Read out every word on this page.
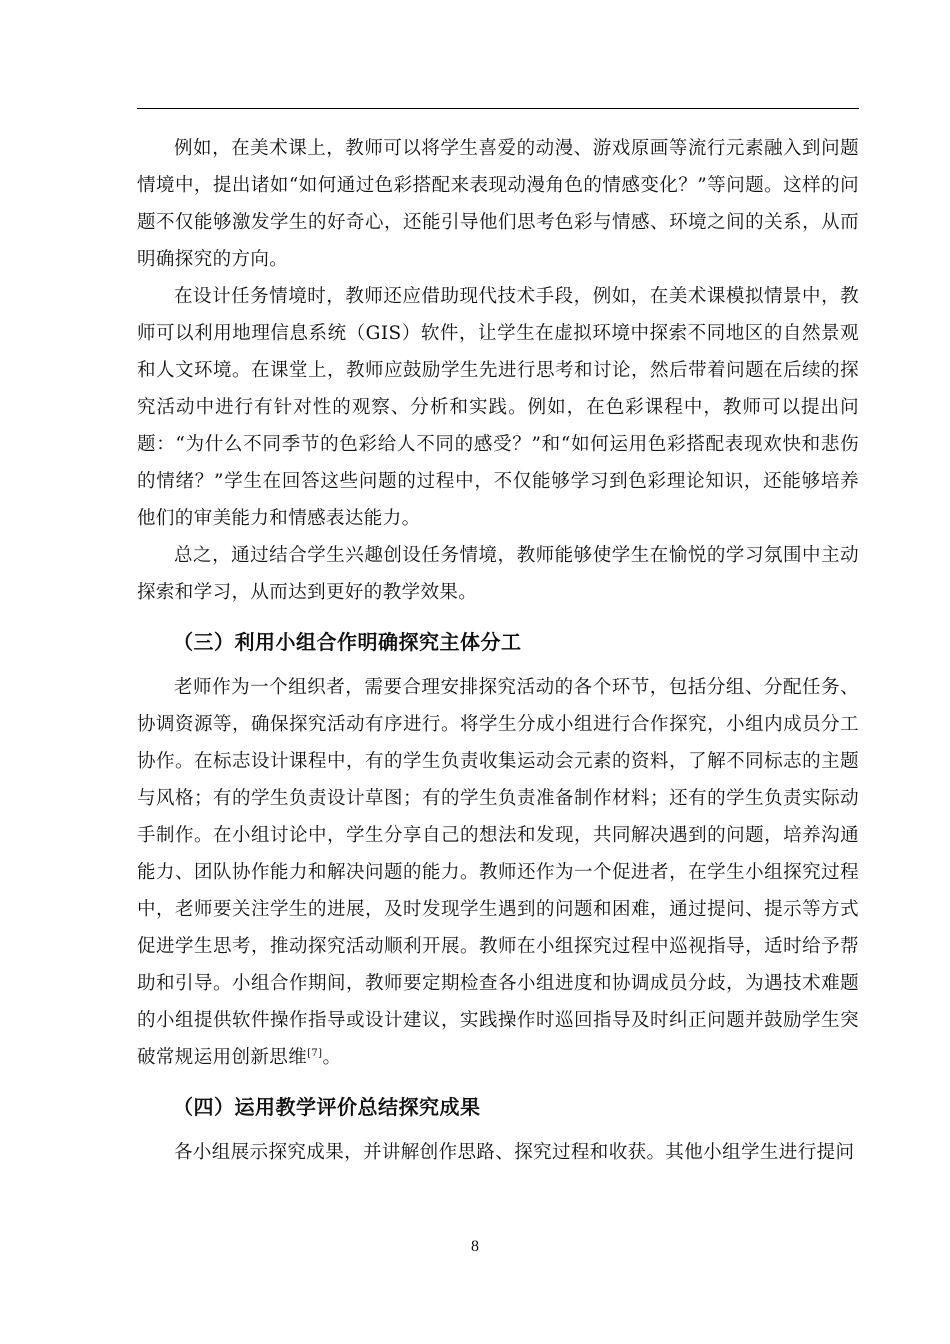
例如，在美术课上，教师可以将学生喜爱的动漫、游戏原画等流行元素融入到问题情境中，提出诸如“如何通过色彩搭配来表现动漫角色的情感变化？”等问题。这样的问题不仅能够激发学生的好奇心，还能引导他们思考色彩与情感、环境之间的关系，从而明确探究的方向。

在设计任务情境时，教师还应借助现代技术手段，例如，在美术课模拟情景中，教师可以利用地理信息系统（GIS）软件，让学生在虚拟环境中探索不同地区的自然景观和人文环境。在课堂上，教师应鼓励学生先进行思考和讨论，然后带着问题在后续的探究活动中进行有针对性的观察、分析和实践。例如，在色彩课程中，教师可以提出问题：“为什么不同季节的色彩给人不同的感受？”和“如何运用色彩搭配表现欢快和悲伤的情绪？”学生在回答这些问题的过程中，不仅能够学习到色彩理论知识，还能够培养他们的审美能力和情感表达能力。

总之，通过结合学生兴趣创设任务情境，教师能够使学生在愉悦的学习氛围中主动探索和学习，从而达到更好的教学效果。

（三）利用小组合作明确探究主体分工

老师作为一个组织者，需要合理安排探究活动的各个环节，包括分组、分配任务、协调资源等，确保探究活动有序进行。将学生分成小组进行合作探究，小组内成员分工协作。在标志设计课程中，有的学生负责收集运动会元素的资料，了解不同标志的主题与风格；有的学生负责设计草图；有的学生负责准备制作材料；还有的学生负责实际动手制作。在小组讨论中，学生分享自己的想法和发现，共同解决遇到的问题，培养沟通能力、团队协作能力和解决问题的能力。教师还作为一个促进者，在学生小组探究过程中，老师要关注学生的进展，及时发现学生遇到的问题和困难，通过提问、提示等方式促进学生思考，推动探究活动顺利开展。教师在小组探究过程中巡视指导，适时给予帮助和引导。小组合作期间，教师要定期检查各小组进度和协调成员分歧，为遇技术难题的小组提供软件操作指导或设计建议，实践操作时巡回指导及时纠正问题并鼓励学生突破常规运用创新思维[7]。

（四）运用教学评价总结探究成果

各小组展示探究成果，并讲解创作思路、探究过程和收获。其他小组学生进行提问

8
